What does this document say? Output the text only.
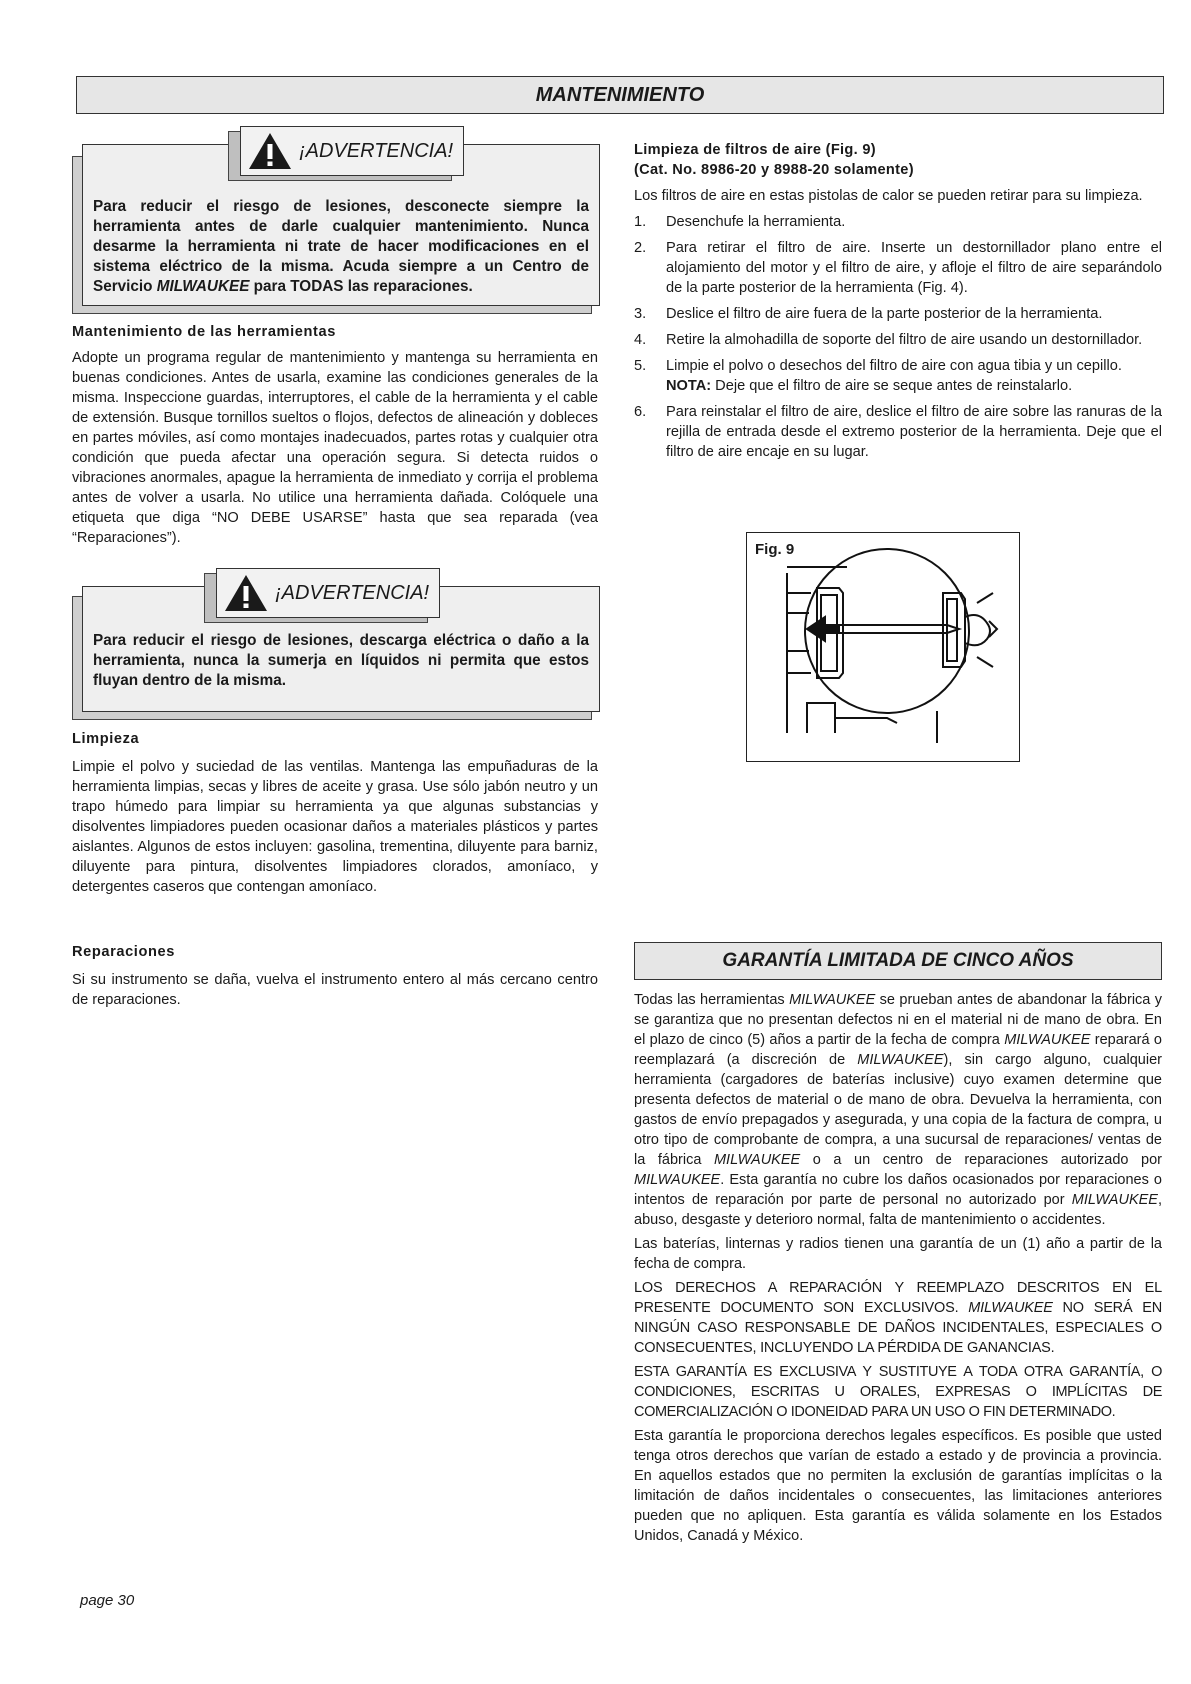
MANTENIMIENTO
Para reducir el riesgo de lesiones, desconecte siempre la herramienta antes de darle cualquier mantenimiento. Nunca desarme la herramienta ni trate de hacer modificaciones en el sistema eléctrico de la misma. Acuda siempre a un Centro de Servicio MILWAUKEE para TODAS las reparaciones.
¡ADVERTENCIA!

Mantenimiento de las herramientas

Adopte un programa regular de mantenimiento y mantenga su herramienta en buenas condiciones. Antes de usarla, examine las condiciones generales de la misma. Inspeccione guardas, interruptores, el cable de la herramienta y el cable de extensión. Busque tornillos sueltos o flojos, defectos de alineación y dobleces en partes móviles, así como montajes inadecuados, partes rotas y cualquier otra condición que pueda afectar una operación segura. Si detecta ruidos o vibraciones anormales, apague la herramienta de inmediato y corrija el problema antes de volver a usarla. No utilice una herramienta dañada. Colóquele una etiqueta que diga “NO DEBE USARSE” hasta que sea reparada (vea “Reparaciones”).

Para reducir el riesgo de lesiones, descarga eléctrica o daño a la herramienta, nunca la sumerja en líquidos ni permita que estos fluyan dentro de la misma.
¡ADVERTENCIA!

Limpieza

Limpie el polvo y suciedad de las ventilas. Mantenga las empuñaduras de la herramienta limpias, secas y libres de aceite y grasa. Use sólo jabón neutro y un trapo húmedo para limpiar su herramienta ya que algunas substancias y disolventes limpiadores pueden ocasionar daños a materiales plásticos y partes aislantes. Algunos de estos incluyen: gasolina, trementina, diluyente para barniz, diluyente para pintura, disolventes limpiadores clorados, amoníaco, y detergentes caseros que contengan amoníaco.

Reparaciones

Si su instrumento se daña, vuelva el instrumento entero al más cercano centro de reparaciones.

Limpieza de filtros de aire (Fig. 9)
(Cat. No. 8986-20 y 8988-20 solamente)

Los filtros de aire en estas pistolas de calor se pueden retirar para su limpieza.

1. Desenchufe la herramienta.
2. Para retirar el filtro de aire. Inserte un destornillador plano entre el alojamiento del motor y el filtro de aire, y afloje el filtro de aire separándolo de la parte posterior de la herramienta (Fig. 4).
3. Deslice el filtro de aire fuera de la parte posterior de la herramienta.
4. Retire la almohadilla de soporte del filtro de aire usando un destornillador.
5. Limpie el polvo o desechos del filtro de aire con agua tibia y un cepillo.
NOTA: Deje que el filtro de aire se seque antes de reinstalarlo.
6. Para reinstalar el filtro de aire, deslice el filtro de aire sobre las ranuras de la rejilla de entrada desde el extremo posterior de la herramienta. Deje que el filtro de aire encaje en su lugar.
Fig. 9
GARANTÍA LIMITADA DE CINCO AÑOS

Todas las herramientas MILWAUKEE se prueban antes de abandonar la fábrica y se garantiza que no presentan defectos ni en el material ni de mano de obra. En el plazo de cinco (5) años a partir de la fecha de compra MILWAUKEE reparará o reemplazará (a discreción de MILWAUKEE), sin cargo alguno, cualquier herramienta (cargadores de baterías inclusive) cuyo examen determine que presenta defectos de material o de mano de obra. Devuelva la herramienta, con gastos de envío prepagados y asegurada, y una copia de la factura de compra, u otro tipo de comprobante de compra, a una sucursal de reparaciones/ ventas de la fábrica MILWAUKEE o a un centro de reparaciones autorizado por MILWAUKEE. Esta garantía no cubre los daños ocasionados por reparaciones o intentos de reparación por parte de personal no autorizado por MILWAUKEE, abuso, desgaste y deterioro normal, falta de mantenimiento o accidentes.

Las baterías, linternas y radios tienen una garantía de un (1) año a partir de la fecha de compra.

LOS DERECHOS A REPARACIÓN Y REEMPLAZO DESCRITOS EN EL PRESENTE DOCUMENTO SON EXCLUSIVOS. MILWAUKEE NO SERÁ EN NINGÚN CASO RESPONSABLE DE DAÑOS INCIDENTALES, ESPECIALES O CONSECUENTES, INCLUYENDO LA PÉRDIDA DE GANANCIAS.

ESTA GARANTÍA ES EXCLUSIVA Y SUSTITUYE A TODA OTRA GARANTÍA, O CONDICIONES, ESCRITAS U ORALES, EXPRESAS O IMPLÍCITAS DE COMERCIALIZACIÓN O IDONEIDAD PARA UN USO O FIN DETERMINADO.

Esta garantía le proporciona derechos legales específicos. Es posible que usted tenga otros derechos que varían de estado a estado y de provincia a provincia. En aquellos estados que no permiten la exclusión de garantías implícitas o la limitación de daños incidentales o consecuentes, las limitaciones anteriores pueden que no apliquen. Esta garantía es válida solamente en los Estados Unidos, Canadá y México.

page 30
